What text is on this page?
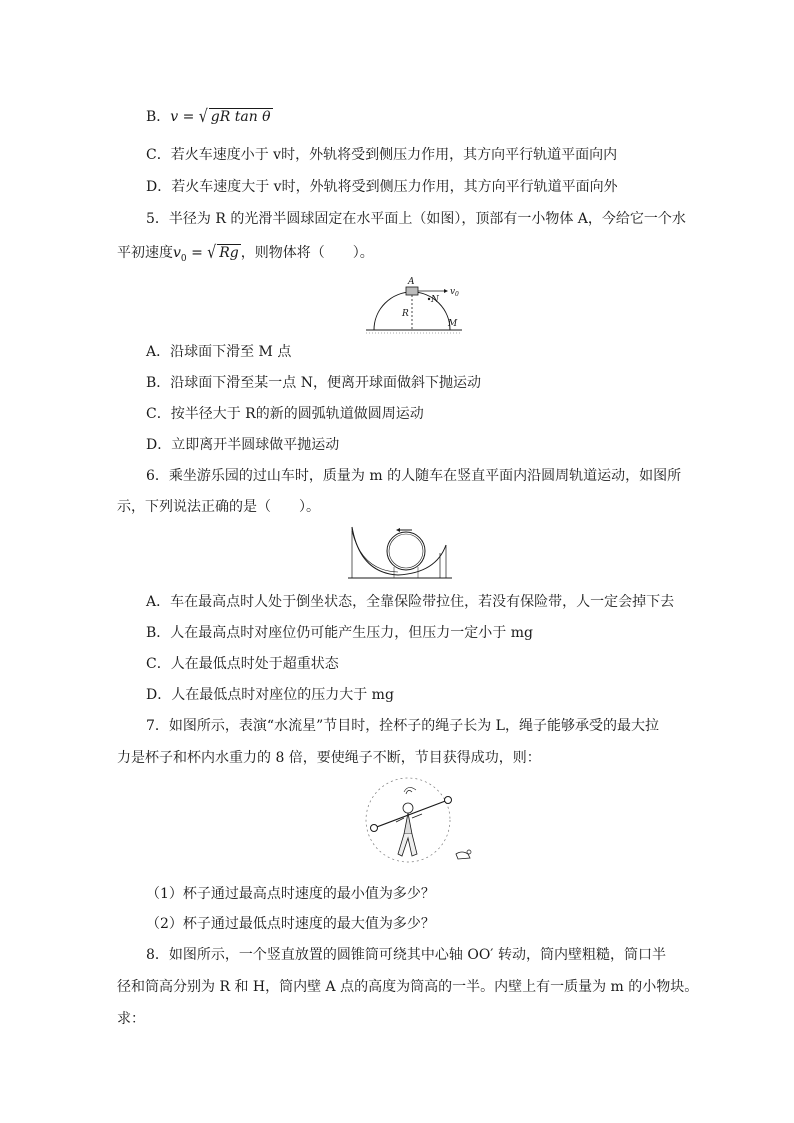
B．v = √ gR tan θ
C．若火车速度小于 v时，外轨将受到侧压力作用，其方向平行轨道平面向内
D．若火车速度大于 v时，外轨将受到侧压力作用，其方向平行轨道平面向外
5．半径为 R 的光滑半圆球固定在水平面上（如图），顶部有一小物体 A，今给它一个水
平初速度$v_0$ = √ Rg ，则物体将（　　）。
A
N
v 0
R
M
A．沿球面下滑至 M 点
B．沿球面下滑至某一点 N，便离开球面做斜下抛运动
C．按半径大于 R的新的圆弧轨道做圆周运动
D．立即离开半圆球做平抛运动
6．乘坐游乐园的过山车时，质量为 m 的人随车在竖直平面内沿圆周轨道运动，如图所
示，下列说法正确的是（　　）。
A．车在最高点时人处于倒坐状态，全靠保险带拉住，若没有保险带，人一定会掉下去
B．人在最高点时对座位仍可能产生压力，但压力一定小于 mg
C．人在最低点时处于超重状态
D．人在最低点时对座位的压力大于 mg
7．如图所示，表演“水流星”节目时，拴杯子的绳子长为 L，绳子能够承受的最大拉
力是杯子和杯内水重力的 8 倍，要使绳子不断，节目获得成功，则：
（1）杯子通过最高点时速度的最小值为多少？
（2）杯子通过最低点时速度的最大值为多少？
8．如图所示，一个竖直放置的圆锥筒可绕其中心轴 OO′ 转动，筒内壁粗糙，筒口半
径和筒高分别为 R 和 H，筒内壁 A 点的高度为筒高的一半。内壁上有一质量为 m 的小物块。
求：
